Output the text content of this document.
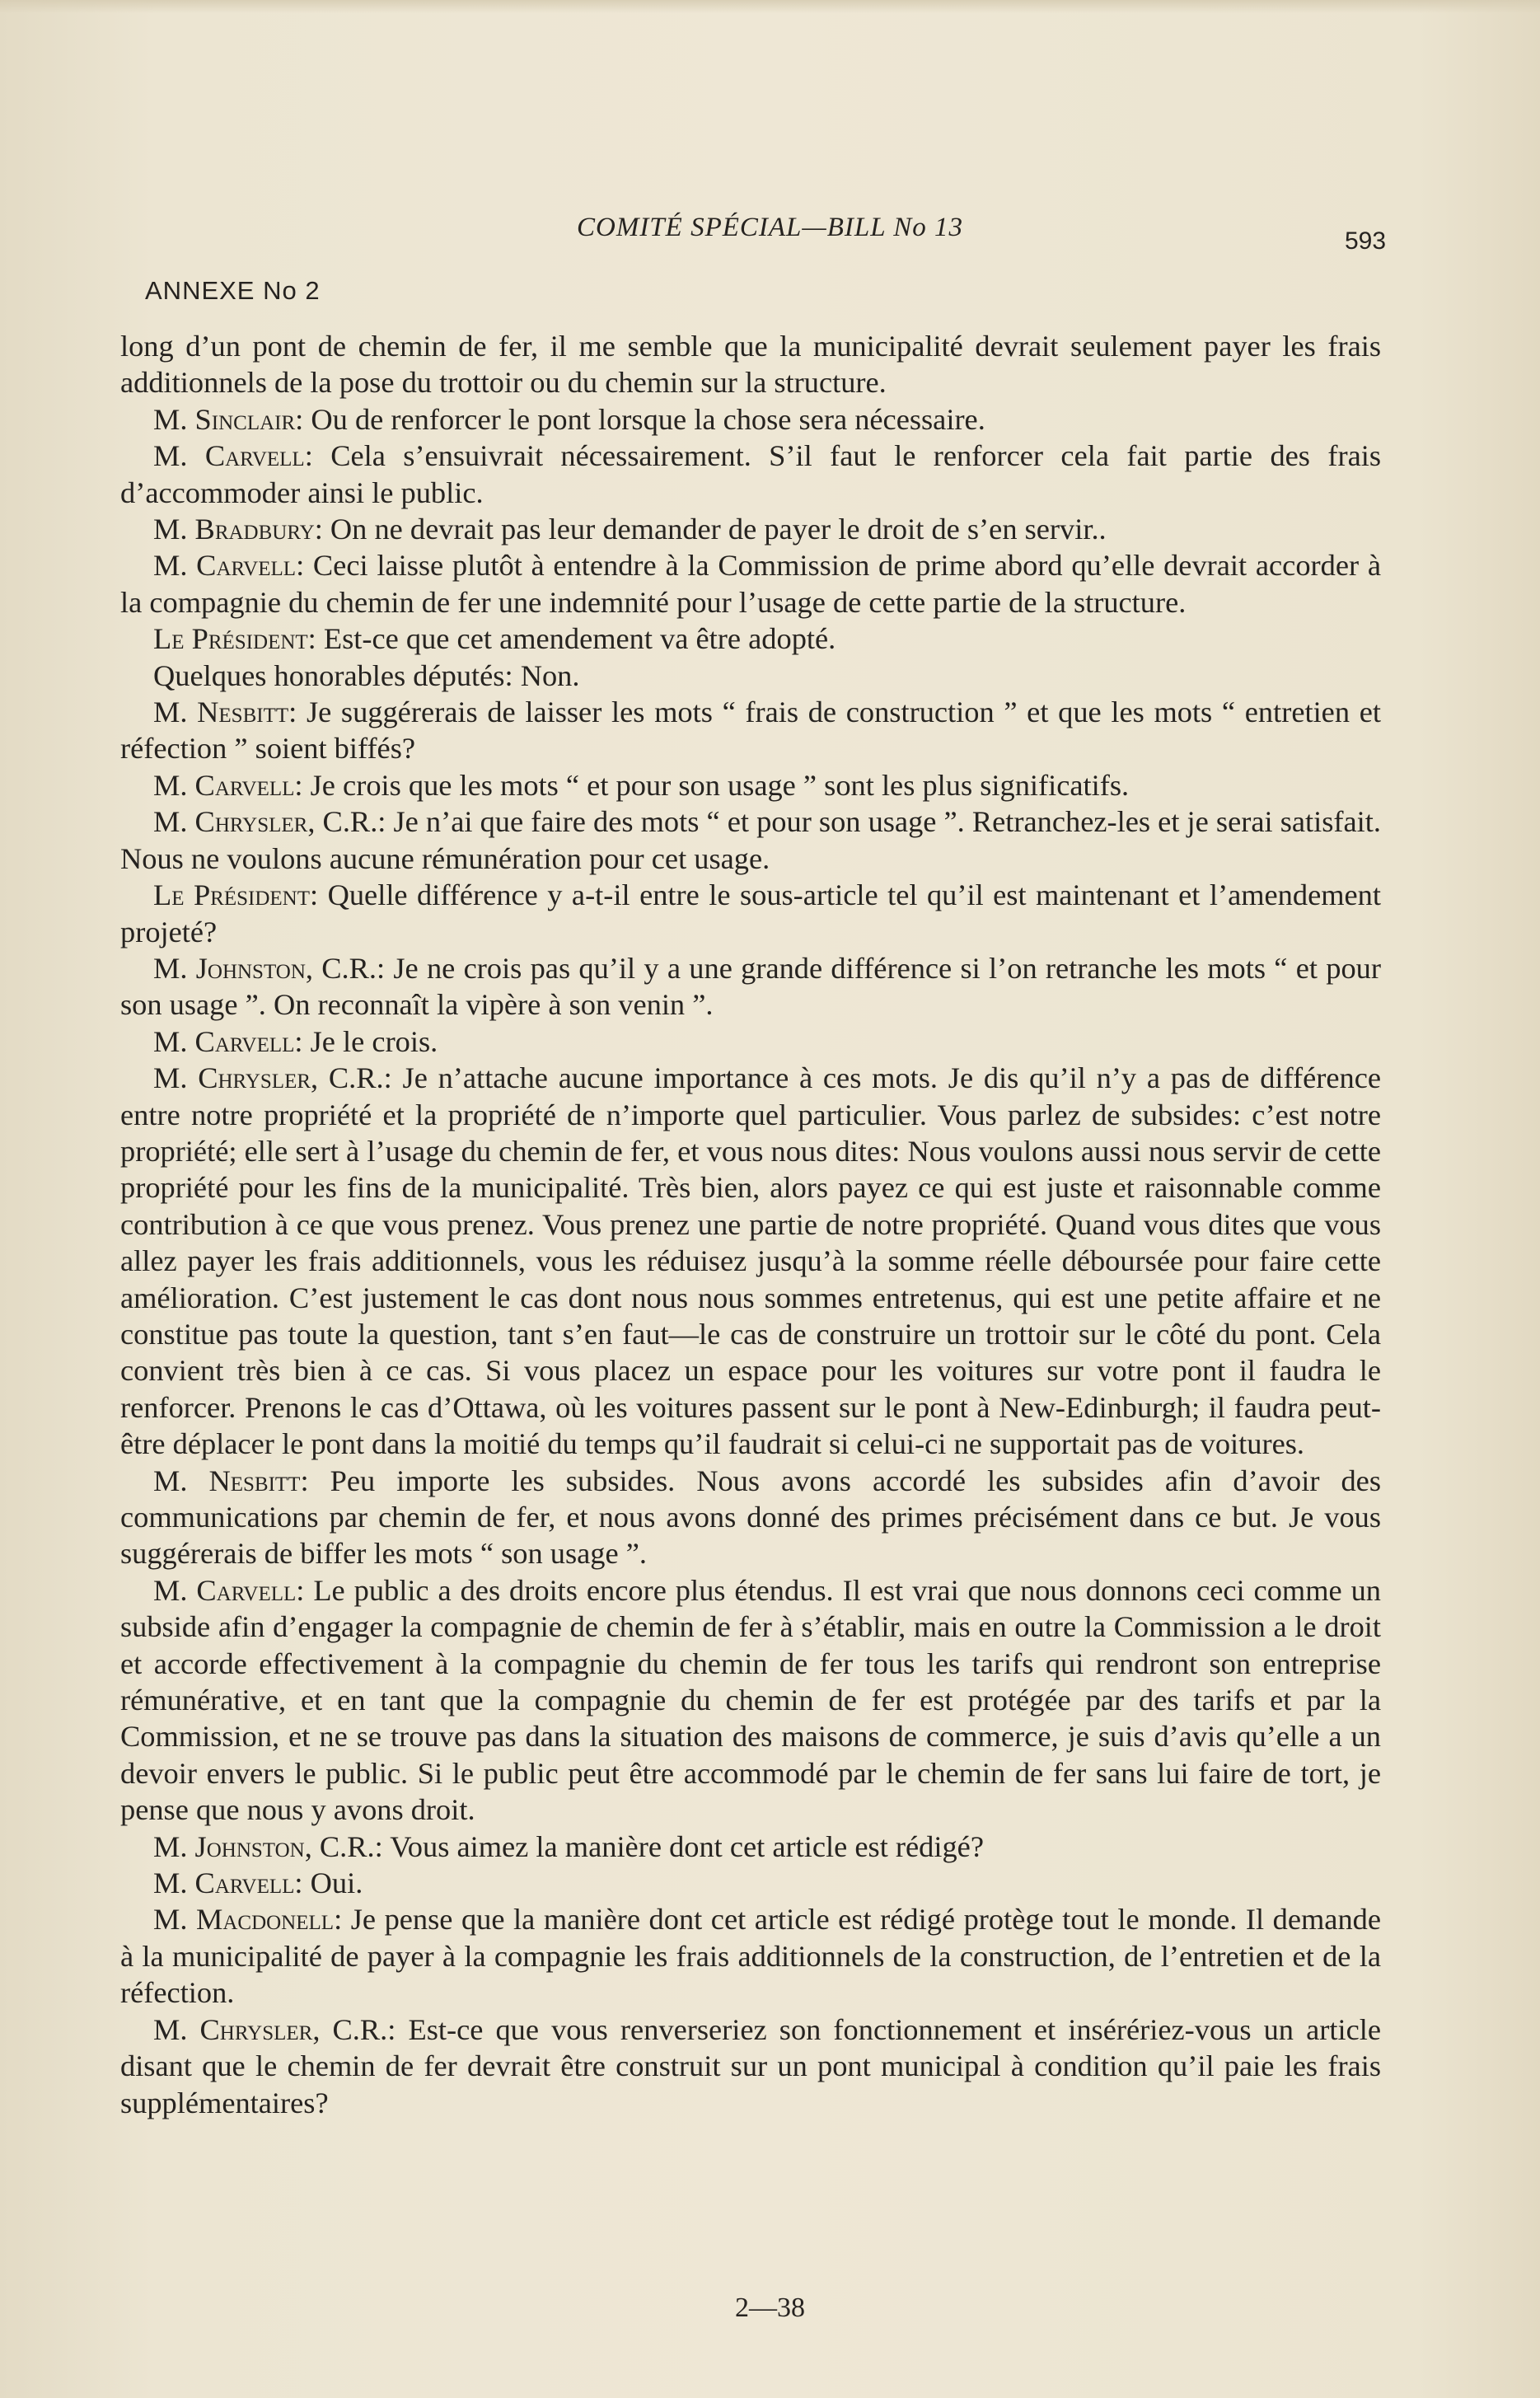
COMITÉ SPÉCIAL—BILL No 13	593
ANNEXE No 2

long d’un pont de chemin de fer, il me semble que la municipalité devrait seulement payer les frais additionnels de la pose du trottoir ou du chemin sur la structure.

M. Sinclair: Ou de renforcer le pont lorsque la chose sera nécessaire.

M. Carvell: Cela s’ensuivrait nécessairement. S’il faut le renforcer cela fait partie des frais d’accommoder ainsi le public.

M. Bradbury: On ne devrait pas leur demander de payer le droit de s’en servir..

M. Carvell: Ceci laisse plutôt à entendre à la Commission de prime abord qu’elle devrait accorder à la compagnie du chemin de fer une indemnité pour l’usage de cette partie de la structure.

Le Président: Est-ce que cet amendement va être adopté.

Quelques honorables députés: Non.

M. Nesbitt: Je suggérerais de laisser les mots “ frais de construction ” et que les mots “ entretien et réfection ” soient biffés?

M. Carvell: Je crois que les mots “ et pour son usage ” sont les plus significatifs.

M. Chrysler, C.R.: Je n’ai que faire des mots “ et pour son usage ”. Retranchez-les et je serai satisfait. Nous ne voulons aucune rémunération pour cet usage.

Le Président: Quelle différence y a-t-il entre le sous-article tel qu’il est maintenant et l’amendement projeté?

M. Johnston, C.R.: Je ne crois pas qu’il y a une grande différence si l’on retranche les mots “ et pour son usage ”. On reconnaît la vipère à son venin ”.

M. Carvell: Je le crois.

M. Chrysler, C.R.: Je n’attache aucune importance à ces mots. Je dis qu’il n’y a pas de différence entre notre propriété et la propriété de n’importe quel particulier. Vous parlez de subsides: c’est notre propriété; elle sert à l’usage du chemin de fer, et vous nous dites: Nous voulons aussi nous servir de cette propriété pour les fins de la municipalité. Très bien, alors payez ce qui est juste et raisonnable comme contribution à ce que vous prenez. Vous prenez une partie de notre propriété. Quand vous dites que vous allez payer les frais additionnels, vous les réduisez jusqu’à la somme réelle déboursée pour faire cette amélioration. C’est justement le cas dont nous nous sommes entretenus, qui est une petite affaire et ne constitue pas toute la question, tant s’en faut—le cas de construire un trottoir sur le côté du pont. Cela convient très bien à ce cas. Si vous placez un espace pour les voitures sur votre pont il faudra le renforcer. Prenons le cas d’Ottawa, où les voitures passent sur le pont à New-Edinburgh; il faudra peut-être déplacer le pont dans la moitié du temps qu’il faudrait si celui-ci ne supportait pas de voitures.

M. Nesbitt: Peu importe les subsides. Nous avons accordé les subsides afin d’avoir des communications par chemin de fer, et nous avons donné des primes précisément dans ce but. Je vous suggérerais de biffer les mots “ son usage ”.

M. Carvell: Le public a des droits encore plus étendus. Il est vrai que nous donnons ceci comme un subside afin d’engager la compagnie de chemin de fer à s’établir, mais en outre la Commission a le droit et accorde effectivement à la compagnie du chemin de fer tous les tarifs qui rendront son entreprise rémunérative, et en tant que la compagnie du chemin de fer est protégée par des tarifs et par la Commission, et ne se trouve pas dans la situation des maisons de commerce, je suis d’avis qu’elle a un devoir envers le public. Si le public peut être accommodé par le chemin de fer sans lui faire de tort, je pense que nous y avons droit.

M. Johnston, C.R.: Vous aimez la manière dont cet article est rédigé?

M. Carvell: Oui.

M. Macdonell: Je pense que la manière dont cet article est rédigé protège tout le monde. Il demande à la municipalité de payer à la compagnie les frais additionnels de la construction, de l’entretien et de la réfection.

M. Chrysler, C.R.: Est-ce que vous renverseriez son fonctionnement et insérériez-vous un article disant que le chemin de fer devrait être construit sur un pont municipal à condition qu’il paie les frais supplémentaires?

2—38
